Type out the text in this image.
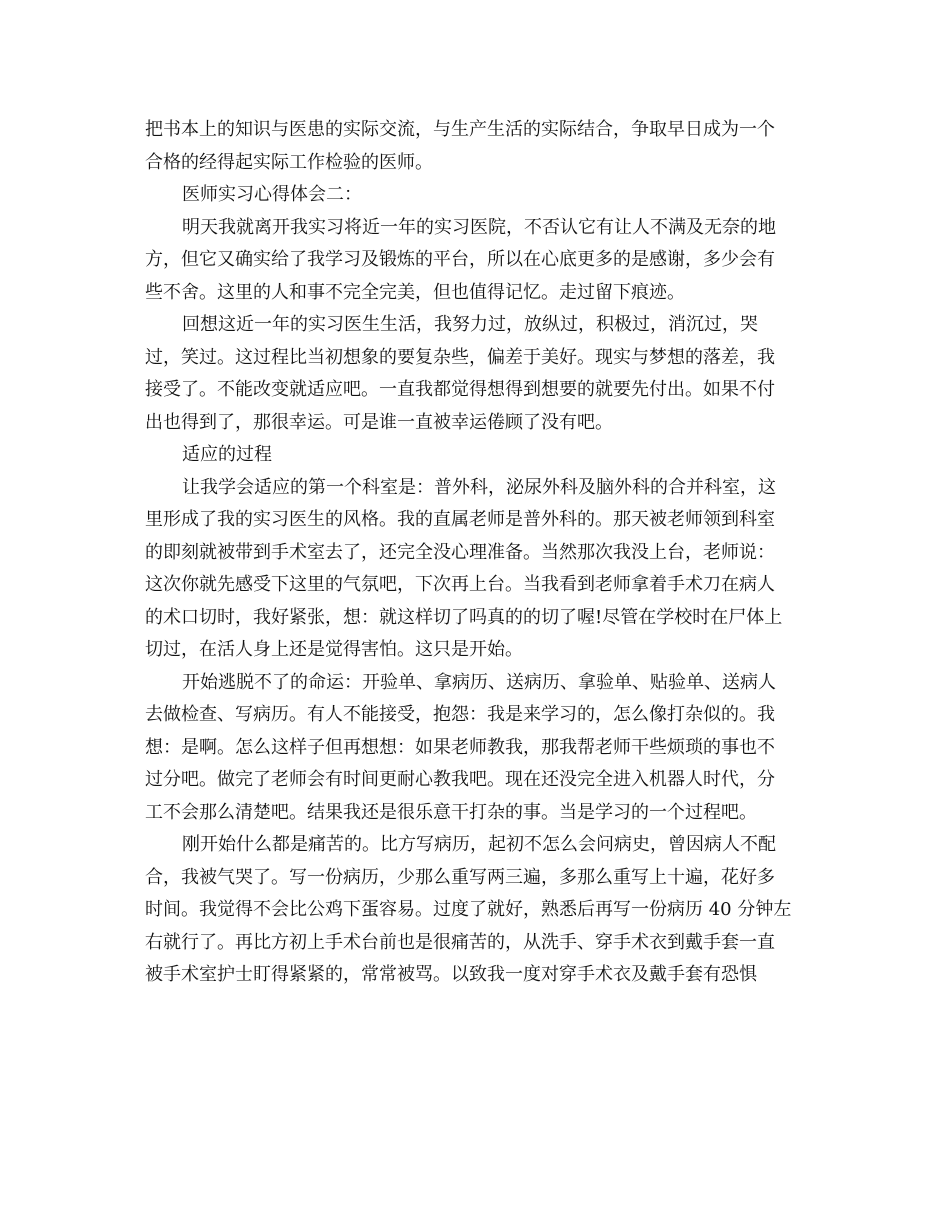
把书本上的知识与医患的实际交流，与生产生活的实际结合，争取早日成为一个
合格的经得起实际工作检验的医师。
医师实习心得体会二：
明天我就离开我实习将近一年的实习医院，不否认它有让人不满及无奈的地
方，但它又确实给了我学习及锻炼的平台，所以在心底更多的是感谢，多少会有
些不舍。这里的人和事不完全完美，但也值得记忆。走过留下痕迹。
回想这近一年的实习医生生活，我努力过，放纵过，积极过，消沉过，哭
过，笑过。这过程比当初想象的要复杂些，偏差于美好。现实与梦想的落差，我
接受了。不能改变就适应吧。一直我都觉得想得到想要的就要先付出。如果不付
出也得到了，那很幸运。可是谁一直被幸运倦顾了没有吧。
适应的过程
让我学会适应的第一个科室是：普外科，泌尿外科及脑外科的合并科室，这
里形成了我的实习医生的风格。我的直属老师是普外科的。那天被老师领到科室
的即刻就被带到手术室去了，还完全没心理准备。当然那次我没上台，老师说：
这次你就先感受下这里的气氛吧，下次再上台。当我看到老师拿着手术刀在病人
的术口切时，我好紧张，想：就这样切了吗真的的切了喔!尽管在学校时在尸体上
切过，在活人身上还是觉得害怕。这只是开始。
开始逃脱不了的命运：开验单、拿病历、送病历、拿验单、贴验单、送病人
去做检查、写病历。有人不能接受，抱怨：我是来学习的，怎么像打杂似的。我
想：是啊。怎么这样子但再想想：如果老师教我，那我帮老师干些烦琐的事也不
过分吧。做完了老师会有时间更耐心教我吧。现在还没完全进入机器人时代，分
工不会那么清楚吧。结果我还是很乐意干打杂的事。当是学习的一个过程吧。
刚开始什么都是痛苦的。比方写病历，起初不怎么会问病史，曾因病人不配
合，我被气哭了。写一份病历，少那么重写两三遍，多那么重写上十遍，花好多
时间。我觉得不会比公鸡下蛋容易。过度了就好，熟悉后再写一份病历 40 分钟左
右就行了。再比方初上手术台前也是很痛苦的，从洗手、穿手术衣到戴手套一直
被手术室护士盯得紧紧的，常常被骂。以致我一度对穿手术衣及戴手套有恐惧
